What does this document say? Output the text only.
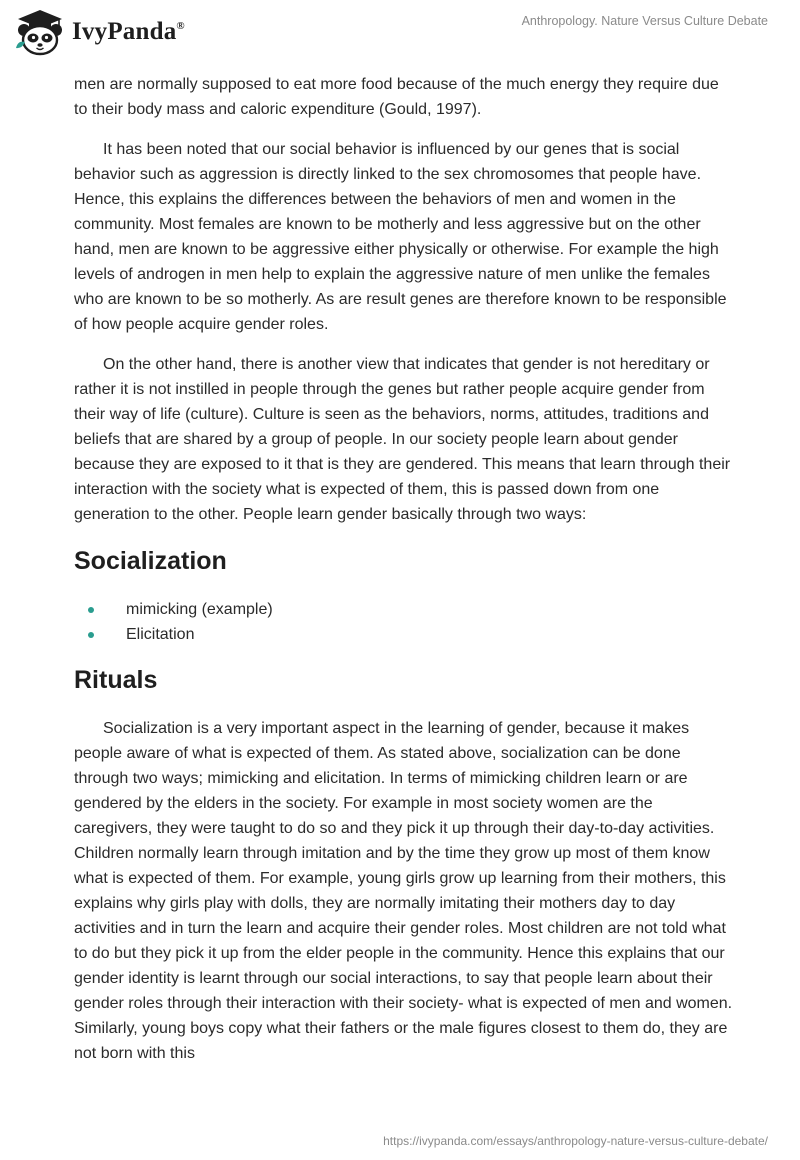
IvyPanda®	Anthropology. Nature Versus Culture Debate

men are normally supposed to eat more food because of the much energy they require due to their body mass and caloric expenditure (Gould, 1997).

It has been noted that our social behavior is influenced by our genes that is social behavior such as aggression is directly linked to the sex chromosomes that people have. Hence, this explains the differences between the behaviors of men and women in the community. Most females are known to be motherly and less aggressive but on the other hand, men are known to be aggressive either physically or otherwise. For example the high levels of androgen in men help to explain the aggressive nature of men unlike the females who are known to be so motherly. As are result genes are therefore known to be responsible of how people acquire gender roles.

On the other hand, there is another view that indicates that gender is not hereditary or rather it is not instilled in people through the genes but rather people acquire gender from their way of life (culture). Culture is seen as the behaviors, norms, attitudes, traditions and beliefs that are shared by a group of people. In our society people learn about gender because they are exposed to it that is they are gendered. This means that learn through their interaction with the society what is expected of them, this is passed down from one generation to the other. People learn gender basically through two ways:

Socialization
mimicking (example)
Elicitation
Rituals

Socialization is a very important aspect in the learning of gender, because it makes people aware of what is expected of them. As stated above, socialization can be done through two ways; mimicking and elicitation. In terms of mimicking children learn or are gendered by the elders in the society. For example in most society women are the caregivers, they were taught to do so and they pick it up through their day-to-day activities. Children normally learn through imitation and by the time they grow up most of them know what is expected of them. For example, young girls grow up learning from their mothers, this explains why girls play with dolls, they are normally imitating their mothers day to day activities and in turn the learn and acquire their gender roles. Most children are not told what to do but they pick it up from the elder people in the community. Hence this explains that our gender identity is learnt through our social interactions, to say that people learn about their gender roles through their interaction with their society- what is expected of men and women. Similarly, young boys copy what their fathers or the male figures closest to them do, they are not born with this

https://ivypanda.com/essays/anthropology-nature-versus-culture-debate/
